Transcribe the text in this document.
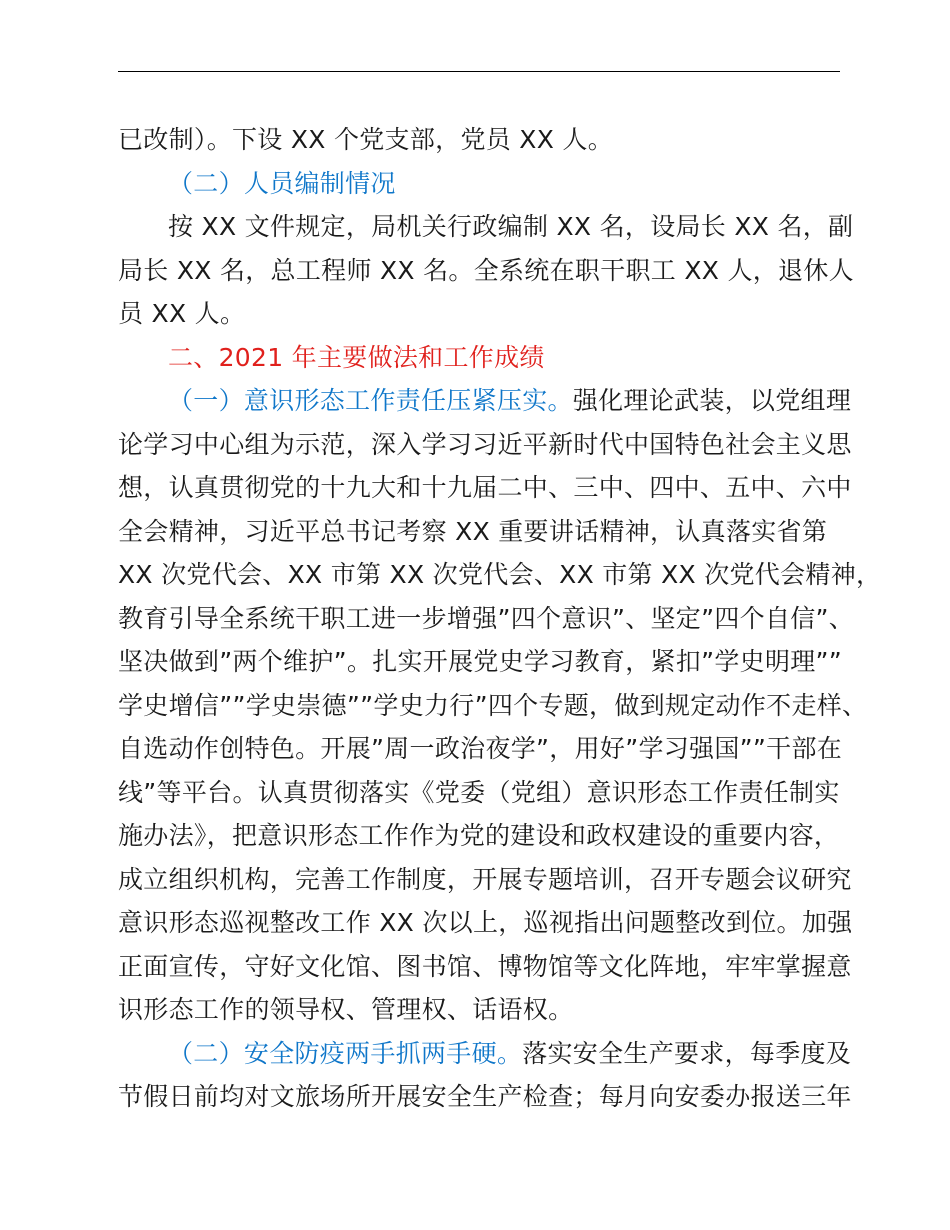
已改制）。下设 XX 个党支部，党员 XX 人。
（二）人员编制情况
按 XX 文件规定，局机关行政编制 XX 名，设局长 XX 名，副
局长 XX 名，总工程师 XX 名。全系统在职干职工 XX 人，退休人
员 XX 人。
二、2021 年主要做法和工作成绩
（一）意识形态工作责任压紧压实。强化理论武装，以党组理
论学习中心组为示范，深入学习习近平新时代中国特色社会主义思
想，认真贯彻党的十九大和十九届二中、三中、四中、五中、六中
全会精神，习近平总书记考察 XX 重要讲话精神，认真落实省第
XX 次党代会、XX 市第 XX 次党代会、XX 市第 XX 次党代会精神，
教育引导全系统干职工进一步增强”四个意识”、坚定”四个自信”、
坚决做到”两个维护”。扎实开展党史学习教育，紧扣”学史明理””
学史增信””学史崇德””学史力行”四个专题，做到规定动作不走样、
自选动作创特色。开展”周一政治夜学”，用好”学习强国””干部在
线”等平台。认真贯彻落实《党委（党组）意识形态工作责任制实
施办法》，把意识形态工作作为党的建设和政权建设的重要内容，
成立组织机构，完善工作制度，开展专题培训，召开专题会议研究
意识形态巡视整改工作 XX 次以上，巡视指出问题整改到位。加强
正面宣传，守好文化馆、图书馆、博物馆等文化阵地，牢牢掌握意
识形态工作的领导权、管理权、话语权。
（二）安全防疫两手抓两手硬。落实安全生产要求，每季度及
节假日前均对文旅场所开展安全生产检查；每月向安委办报送三年
